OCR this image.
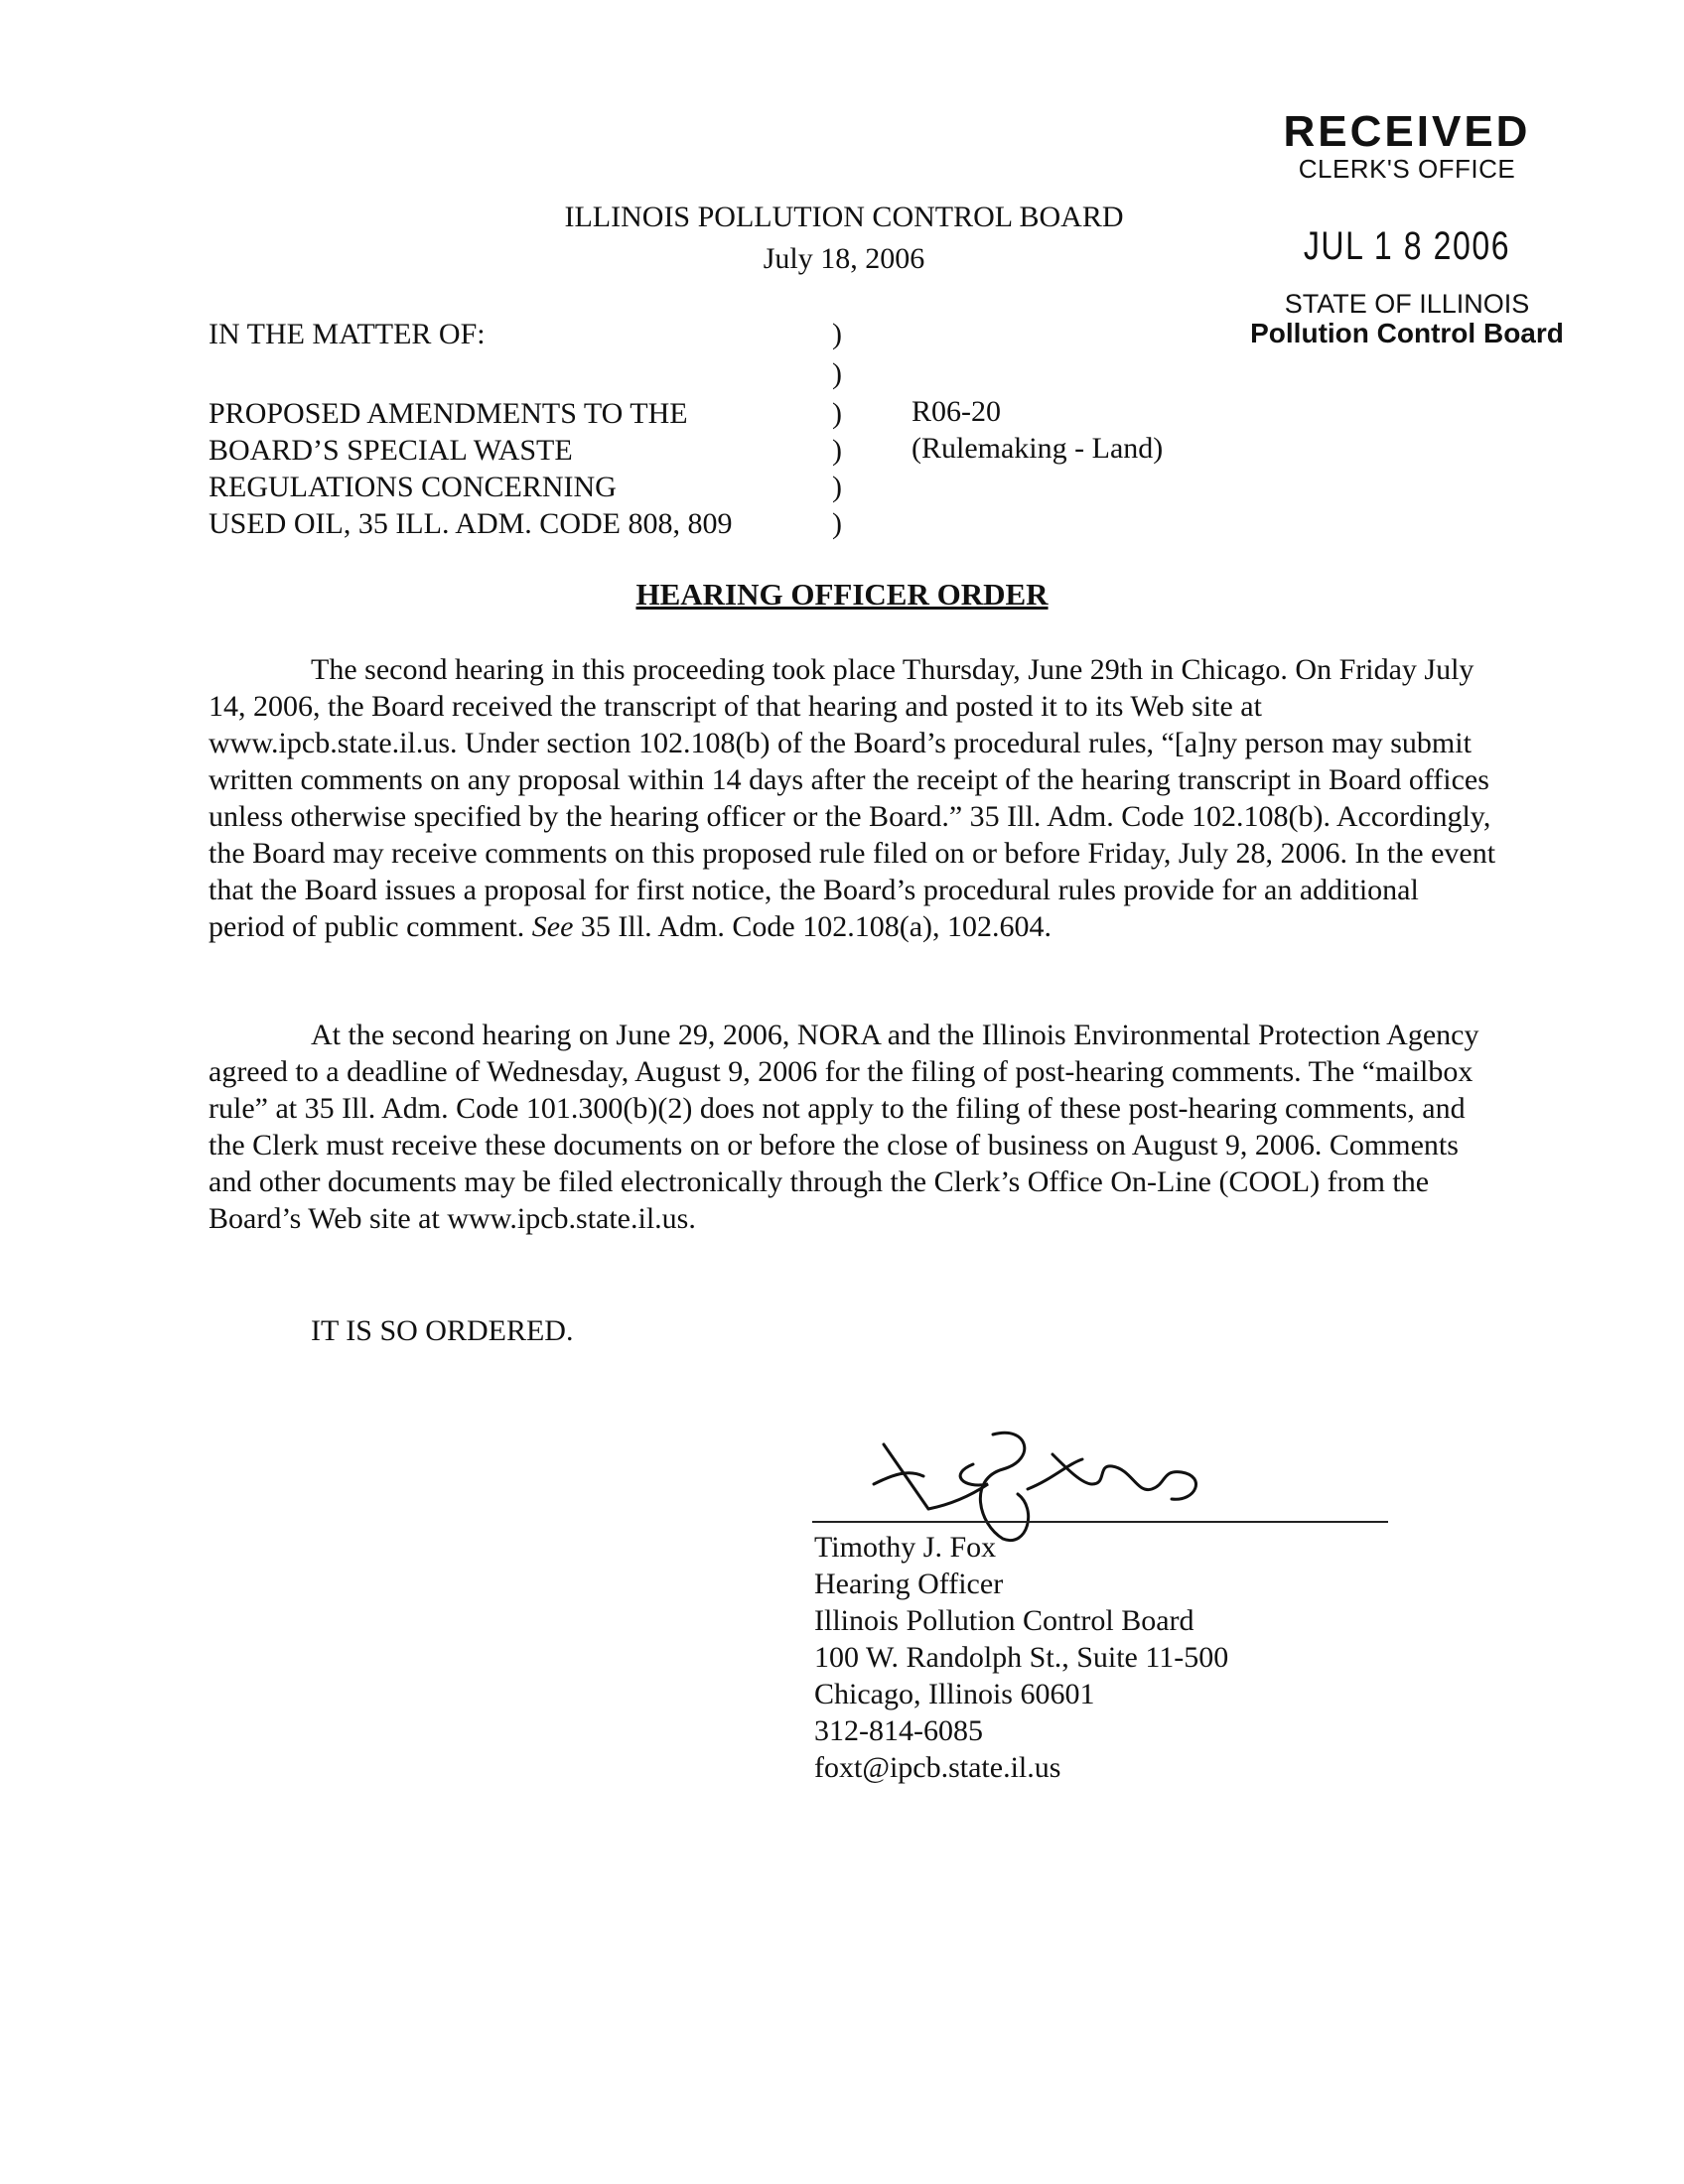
RECEIVED
CLERK'S OFFICE
JUL 1 8 2006
STATE OF ILLINOIS
Pollution Control Board
ILLINOIS POLLUTION CONTROL BOARD
July 18, 2006
IN THE MATTER OF:
PROPOSED AMENDMENTS TO THE
BOARD’S SPECIAL WASTE
REGULATIONS CONCERNING
USED OIL, 35 ILL. ADM. CODE 808, 809
)
)
)
)
)
)
R06-20
(Rulemaking - Land)
HEARING OFFICER ORDER

The second hearing in this proceeding took place Thursday, June 29th in Chicago. On Friday July 14, 2006, the Board received the transcript of that hearing and posted it to its Web site at www.ipcb.state.il.us. Under section 102.108(b) of the Board’s procedural rules, “[a]ny person may submit written comments on any proposal within 14 days after the receipt of the hearing transcript in Board offices unless otherwise specified by the hearing officer or the Board.” 35 Ill. Adm. Code 102.108(b). Accordingly, the Board may receive comments on this proposed rule filed on or before Friday, July 28, 2006. In the event that the Board issues a proposal for first notice, the Board’s procedural rules provide for an additional period of public comment. See 35 Ill. Adm. Code 102.108(a), 102.604.

At the second hearing on June 29, 2006, NORA and the Illinois Environmental Protection Agency agreed to a deadline of Wednesday, August 9, 2006 for the filing of post-hearing comments. The “mailbox rule” at 35 Ill. Adm. Code 101.300(b)(2) does not apply to the filing of these post-hearing comments, and the Clerk must receive these documents on or before the close of business on August 9, 2006. Comments and other documents may be filed electronically through the Clerk’s Office On-Line (COOL) from the Board’s Web site at www.ipcb.state.il.us.

IT IS SO ORDERED.

Timothy J. Fox
Hearing Officer
Illinois Pollution Control Board
100 W. Randolph St., Suite 11-500
Chicago, Illinois 60601
312-814-6085
foxt@ipcb.state.il.us
